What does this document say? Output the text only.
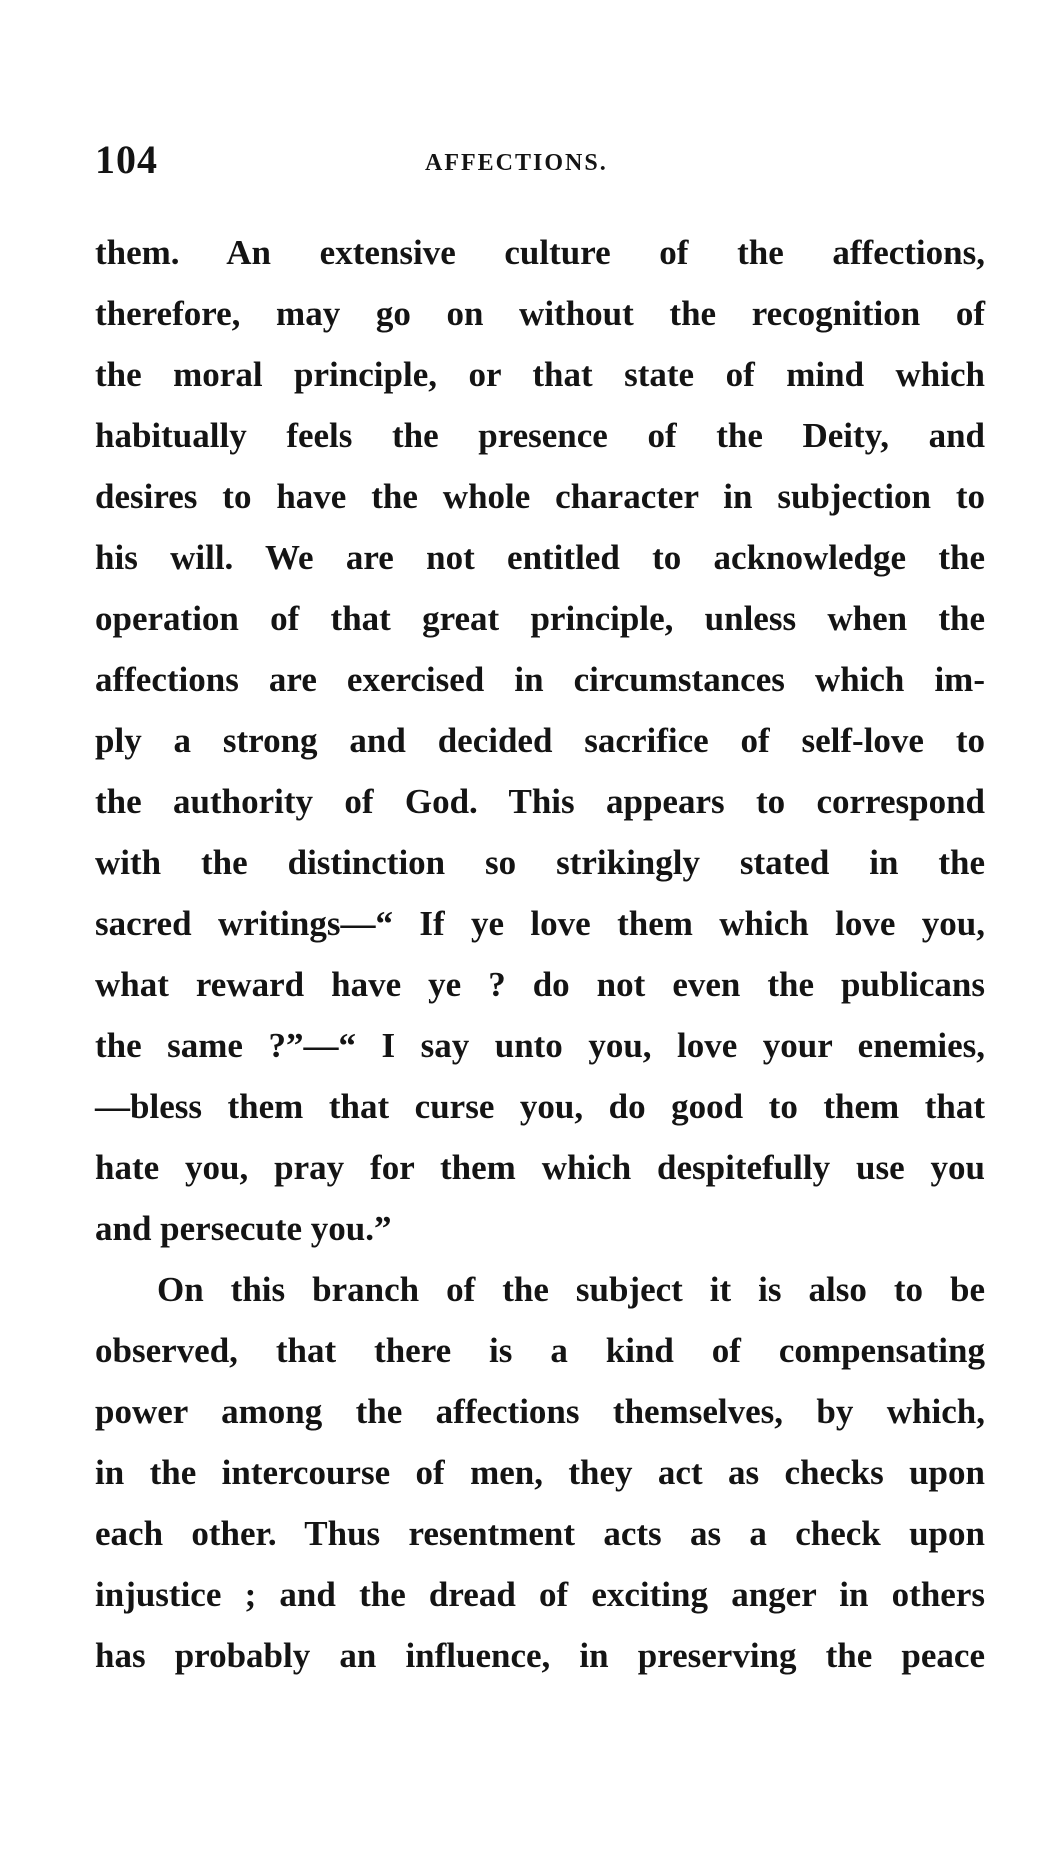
104	AFFECTIONS.
them. An extensive culture of the affections,
therefore, may go on without the recognition of
the moral principle, or that state of mind which
habitually feels the presence of the Deity, and
desires to have the whole character in subjection to
his will. We are not entitled to acknowledge the
operation of that great principle, unless when the
affections are exercised in circumstances which im-
ply a strong and decided sacrifice of self-love to
the authority of God. This appears to correspond
with the distinction so strikingly stated in the
sacred writings—“ If ye love them which love you,
what reward have ye ? do not even the publicans
the same ?”—“ I say unto you, love your enemies,
—bless them that curse you, do good to them that
hate you, pray for them which despitefully use you
and persecute you.”
On this branch of the subject it is also to be
observed, that there is a kind of compensating
power among the affections themselves, by which,
in the intercourse of men, they act as checks upon
each other. Thus resentment acts as a check upon
injustice ; and the dread of exciting anger in others
has probably an influence, in preserving the peace
